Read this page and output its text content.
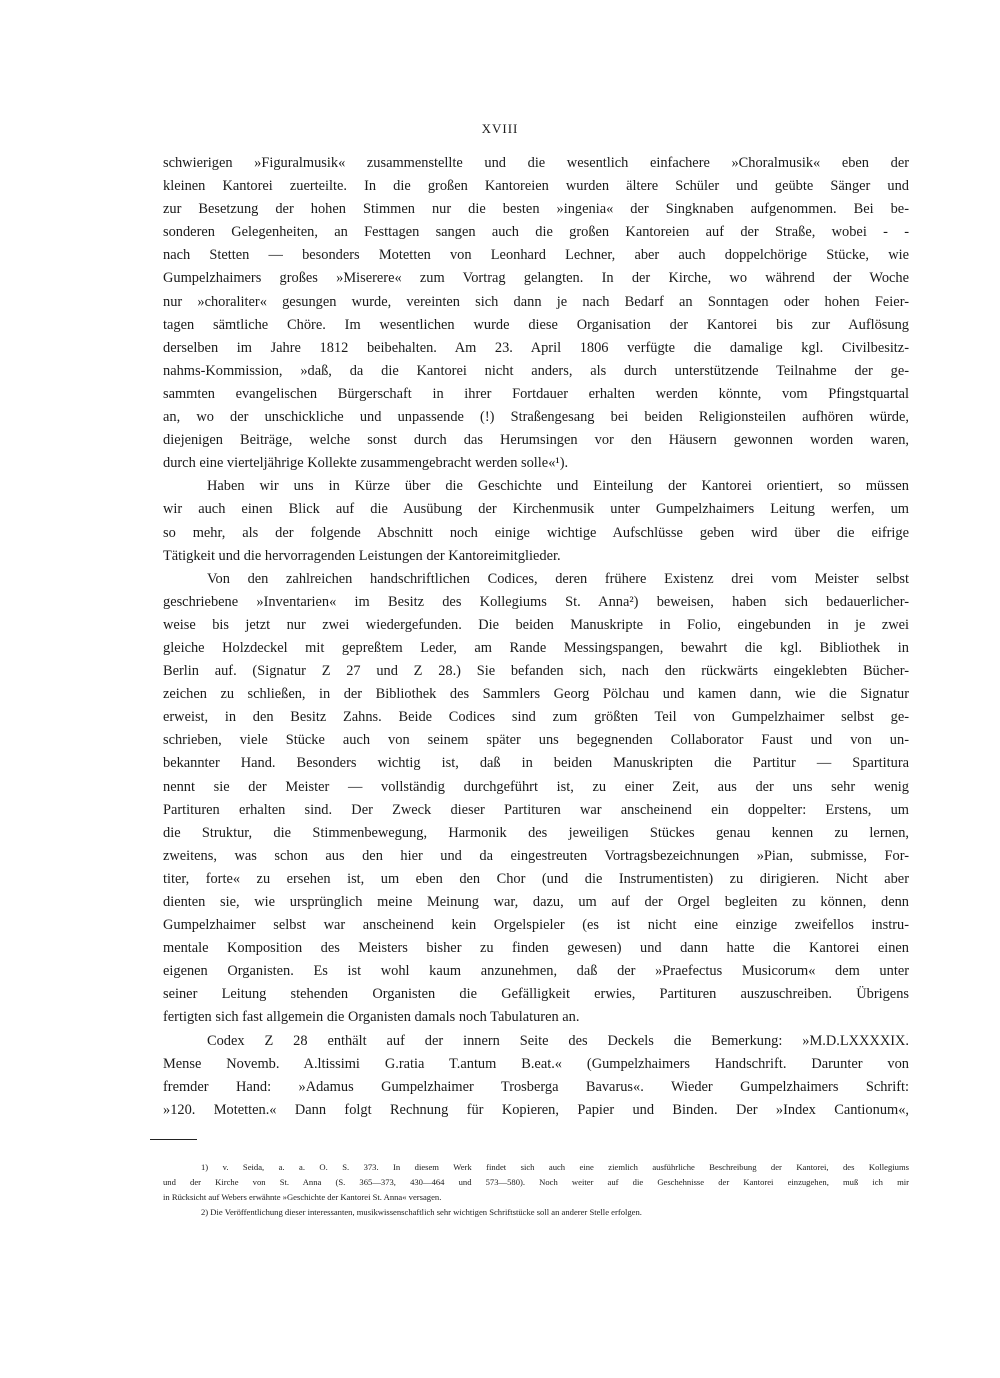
XVIII
schwierigen »Figuralmusik« zusammenstellte und die wesentlich einfachere »Choralmusik« eben der
kleinen Kantorei zuerteilte. In die großen Kantoreien wurden ältere Schüler und geübte Sänger und
zur Besetzung der hohen Stimmen nur die besten »ingenia« der Singknaben aufgenommen. Bei be-
sonderen Gelegenheiten, an Festtagen sangen auch die großen Kantoreien auf der Straße, wobei - -
nach Stetten — besonders Motetten von Leonhard Lechner, aber auch doppelchörige Stücke, wie
Gumpelzhaimers großes »Miserere« zum Vortrag gelangten. In der Kirche, wo während der Woche
nur »choraliter« gesungen wurde, vereinten sich dann je nach Bedarf an Sonntagen oder hohen Feier-
tagen sämtliche Chöre. Im wesentlichen wurde diese Organisation der Kantorei bis zur Auflösung
derselben im Jahre 1812 beibehalten. Am 23. April 1806 verfügte die damalige kgl. Civilbesitz-
nahms-Kommission, »daß, da die Kantorei nicht anders, als durch unterstützende Teilnahme der ge-
sammten evangelischen Bürgerschaft in ihrer Fortdauer erhalten werden könnte, vom Pfingstquartal
an, wo der unschickliche und unpassende (!) Straßengesang bei beiden Religionsteilen aufhören würde,
diejenigen Beiträge, welche sonst durch das Herumsingen vor den Häusern gewonnen worden waren,
durch eine vierteljährige Kollekte zusammengebracht werden solle«¹).
Haben wir uns in Kürze über die Geschichte und Einteilung der Kantorei orientiert, so müssen
wir auch einen Blick auf die Ausübung der Kirchenmusik unter Gumpelzhaimers Leitung werfen, um
so mehr, als der folgende Abschnitt noch einige wichtige Aufschlüsse geben wird über die eifrige
Tätigkeit und die hervorragenden Leistungen der Kantoreimitglieder.
Von den zahlreichen handschriftlichen Codices, deren frühere Existenz drei vom Meister selbst
geschriebene »Inventarien« im Besitz des Kollegiums St. Anna²) beweisen, haben sich bedauerlicher-
weise bis jetzt nur zwei wiedergefunden. Die beiden Manuskripte in Folio, eingebunden in je zwei
gleiche Holzdeckel mit gepreßtem Leder, am Rande Messingspangen, bewahrt die kgl. Bibliothek in
Berlin auf. (Signatur Z 27 und Z 28.) Sie befanden sich, nach den rückwärts eingeklebten Bücher-
zeichen zu schließen, in der Bibliothek des Sammlers Georg Pölchau und kamen dann, wie die Signatur
erweist, in den Besitz Zahns. Beide Codices sind zum größten Teil von Gumpelzhaimer selbst ge-
schrieben, viele Stücke auch von seinem später uns begegnenden Collaborator Faust und von un-
bekannter Hand. Besonders wichtig ist, daß in beiden Manuskripten die Partitur — Spartitura
nennt sie der Meister — vollständig durchgeführt ist, zu einer Zeit, aus der uns sehr wenig
Partituren erhalten sind. Der Zweck dieser Partituren war anscheinend ein doppelter: Erstens, um
die Struktur, die Stimmenbewegung, Harmonik des jeweiligen Stückes genau kennen zu lernen,
zweitens, was schon aus den hier und da eingestreuten Vortragsbezeichnungen »Pian, submisse, For-
titer, forte« zu ersehen ist, um eben den Chor (und die Instrumentisten) zu dirigieren. Nicht aber
dienten sie, wie ursprünglich meine Meinung war, dazu, um auf der Orgel begleiten zu können, denn
Gumpelzhaimer selbst war anscheinend kein Orgelspieler (es ist nicht eine einzige zweifellos instru-
mentale Komposition des Meisters bisher zu finden gewesen) und dann hatte die Kantorei einen
eigenen Organisten. Es ist wohl kaum anzunehmen, daß der »Praefectus Musicorum« dem unter
seiner Leitung stehenden Organisten die Gefälligkeit erwies, Partituren auszuschreiben. Übrigens
fertigten sich fast allgemein die Organisten damals noch Tabulaturen an.
Codex Z 28 enthält auf der innern Seite des Deckels die Bemerkung: »M.D.LXXXXIX.
Mense Novemb. A.ltissimi G.ratia T.antum B.eat.« (Gumpelzhaimers Handschrift. Darunter von
fremder Hand: »Adamus Gumpelzhaimer Trosberga Bavarus«. Wieder Gumpelzhaimers Schrift:
»120. Motetten.« Dann folgt Rechnung für Kopieren, Papier und Binden. Der »Index Cantionum«,
1) v. Seida, a. a. O. S. 373. In diesem Werk findet sich auch eine ziemlich ausführliche Beschreibung der Kantorei, des Kollegiums
und der Kirche von St. Anna (S. 365—373, 430—464 und 573—580). Noch weiter auf die Geschehnisse der Kantorei einzugehen, muß ich mir
in Rücksicht auf Webers erwähnte »Geschichte der Kantorei St. Anna« versagen.
2) Die Veröffentlichung dieser interessanten, musikwissenschaftlich sehr wichtigen Schriftstücke soll an anderer Stelle erfolgen.
